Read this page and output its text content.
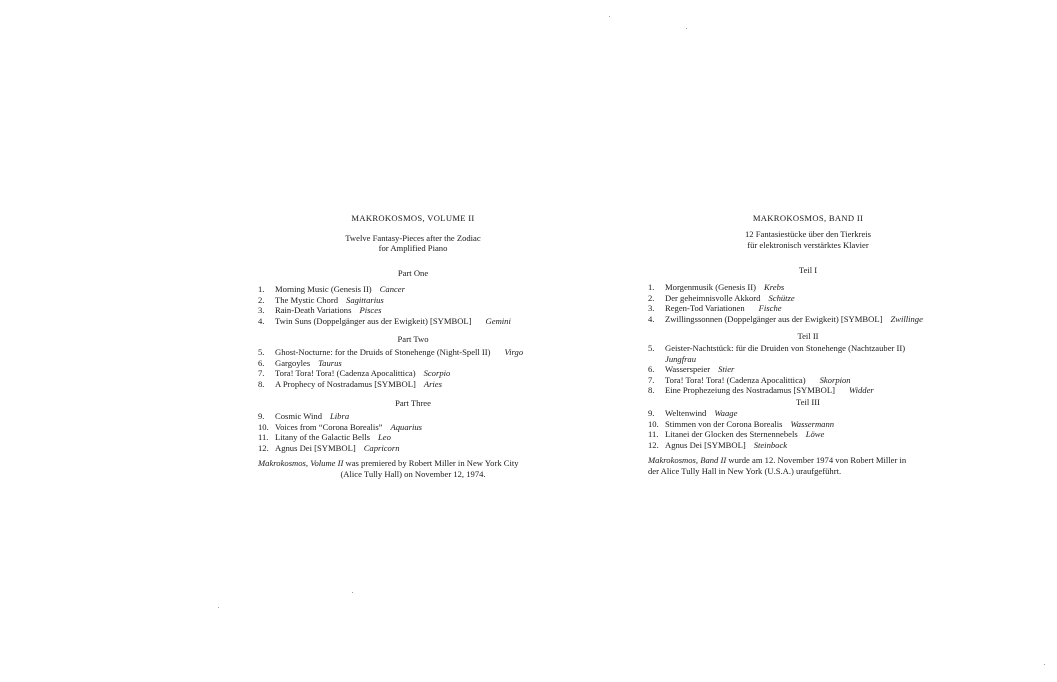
MAKROKOSMOS, VOLUME II
Twelve Fantasy-Pieces after the Zodiac
for Amplified Piano
Part One
1. Morning Music (Genesis II) Cancer
2. The Mystic Chord Sagittarius
3. Rain-Death Variations Pisces
4. Twin Suns (Doppelgänger aus der Ewigkeit) [SYMBOL] Gemini
Part Two
5. Ghost-Nocturne: for the Druids of Stonehenge (Night-Spell II) Virgo
6. Gargoyles Taurus
7. Tora! Tora! Tora! (Cadenza Apocalittica) Scorpio
8. A Prophecy of Nostradamus [SYMBOL] Aries
Part Three
9. Cosmic Wind Libra
10. Voices from “Corona Borealis” Aquarius
11. Litany of the Galactic Bells Leo
12. Agnus Dei [SYMBOL] Capricorn
Makrokosmos, Volume II was premiered by Robert Miller in New York City
(Alice Tully Hall) on November 12, 1974.
MAKROKOSMOS, BAND II
12 Fantasiestücke über den Tierkreis
für elektronisch verstärktes Klavier
Teil I
1. Morgenmusik (Genesis II) Krebs
2. Der geheimnisvolle Akkord Schütze
3. Regen-Tod Variationen Fische
4. Zwillingssonnen (Doppelgänger aus der Ewigkeit) [SYMBOL] Zwillinge
Teil II
5. Geister-Nachtstück: für die Druiden von Stonehenge (Nachtzauber II)
Jungfrau
6. Wasserspeier Stier
7. Tora! Tora! Tora! (Cadenza Apocalittica) Skorpion
8. Eine Prophezeiung des Nostradamus [SYMBOL] Widder
Teil III
9. Weltenwind Waage
10. Stimmen von der Corona Borealis Wassermann
11. Litanei der Glocken des Sternennebels Löwe
12. Agnus Dei [SYMBOL] Steinbock
Makrokosmos, Band II wurde am 12. November 1974 von Robert Miller in
der Alice Tully Hall in New York (U.S.A.) uraufgeführt.
